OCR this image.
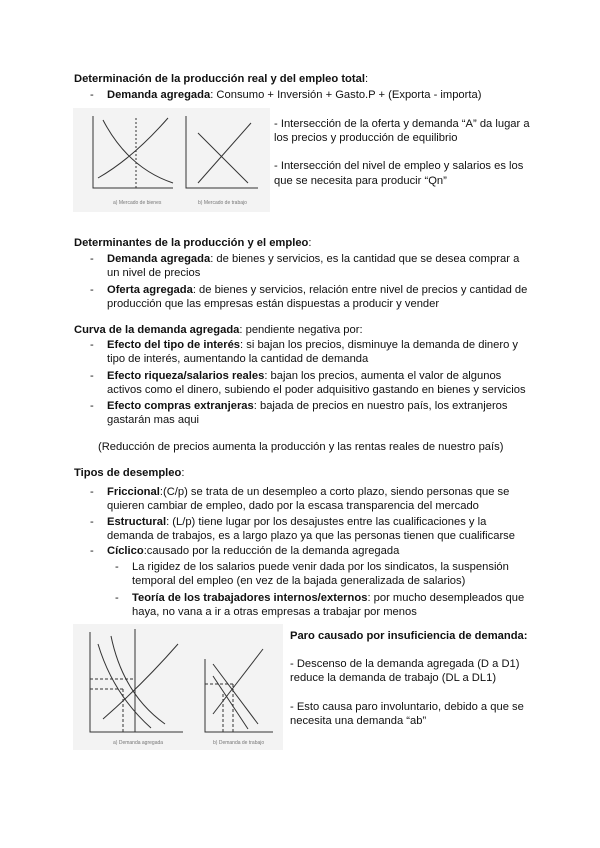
Determinación de la producción real y del empleo total:
- Demanda agregada: Consumo + Inversión + Gasto.P + (Exporta - importa)
a) Mercado de bienes	b) Mercado de trabajo
- Intersección de la oferta y demanda “A” da lugar a los precios y producción de equilibrio
- Intersección del nivel de empleo y salarios es los que se necesita para producir “Qn”
Determinantes de la producción y el empleo:
- Demanda agregada: de bienes y servicios, es la cantidad que se desea comprar a un nivel de precios
- Oferta agregada: de bienes y servicios, relación entre nivel de precios y cantidad de producción que las empresas están dispuestas a producir y vender
Curva de la demanda agregada: pendiente negativa por:
- Efecto del tipo de interés: si bajan los precios, disminuye la demanda de dinero y tipo de interés, aumentando la cantidad de demanda
- Efecto riqueza/salarios reales: bajan los precios, aumenta el valor de algunos activos como el dinero, subiendo el poder adquisitivo gastando en bienes y servicios
- Efecto compras extranjeras: bajada de precios en nuestro país, los extranjeros gastarán mas aqui
(Reducción de precios aumenta la producción y las rentas reales de nuestro país)
Tipos de desempleo:
- Friccional:(C/p) se trata de un desempleo a corto plazo, siendo personas que se quieren cambiar de empleo, dado por la escasa transparencia del mercado
- Estructural: (L/p) tiene lugar por los desajustes entre las cualificaciones y la demanda de trabajos, es a largo plazo ya que las personas tienen que cualificarse
- Cíclico:causado por la reducción de la demanda agregada
- La rigidez de los salarios puede venir dada por los sindicatos, la suspensión temporal del empleo (en vez de la bajada generalizada de salarios)
- Teoría de los trabajadores internos/externos: por mucho desempleados que haya, no vana a ir a otras empresas a trabajar por menos
a) Demanda agregada	b) Demanda de trabajo
Paro causado por insuficiencia de demanda:
- Descenso de la demanda agregada (D a D1) reduce la demanda de trabajo (DL a DL1)
- Esto causa paro involuntario, debido a que se necesita una demanda “ab”
